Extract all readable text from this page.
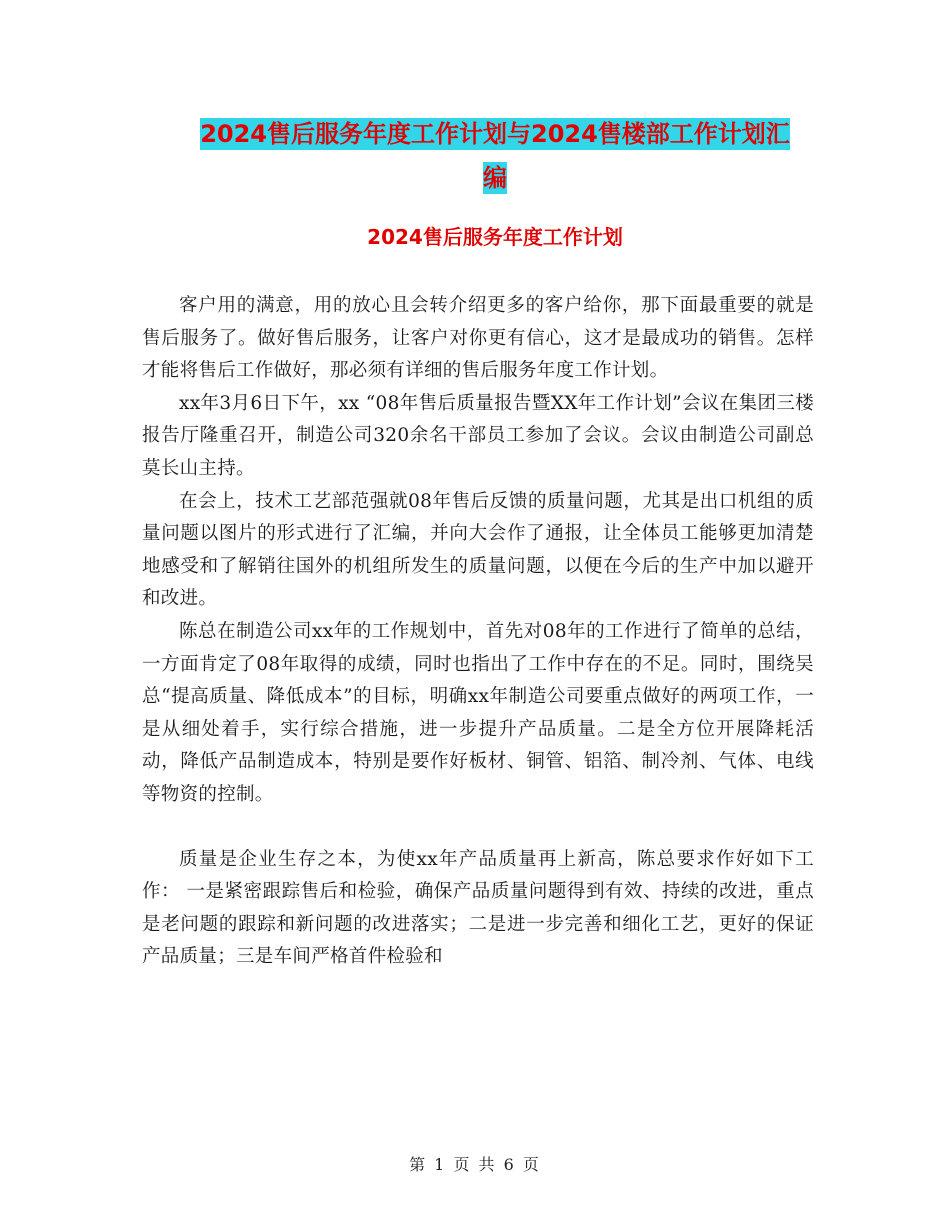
2024售后服务年度工作计划与2024售楼部工作计划汇
编
2024售后服务年度工作计划

客户用的满意，用的放心且会转介绍更多的客户给你，那下面最重要的就是售后服务了。做好售后服务，让客户对你更有信心，这才是最成功的销售。怎样才能将售后工作做好，那必须有详细的售后服务年度工作计划。

xx年3月6日下午，xx “08年售后质量报告暨XX年工作计划”会议在集团三楼报告厅隆重召开，制造公司320余名干部员工参加了会议。会议由制造公司副总莫长山主持。

在会上，技术工艺部范强就08年售后反馈的质量问题，尤其是出口机组的质量问题以图片的形式进行了汇编，并向大会作了通报，让全体员工能够更加清楚地感受和了解销往国外的机组所发生的质量问题，以便在今后的生产中加以避开和改进。

陈总在制造公司xx年的工作规划中，首先对08年的工作进行了简单的总结，一方面肯定了08年取得的成绩，同时也指出了工作中存在的不足。同时，围绕吴总“提高质量、降低成本”的目标，明确xx年制造公司要重点做好的两项工作，一是从细处着手，实行综合措施，进一步提升产品质量。二是全方位开展降耗活动，降低产品制造成本，特别是要作好板材、铜管、铝箔、制冷剂、气体、电线等物资的控制。

质量是企业生存之本，为使xx年产品质量再上新高，陈总要求作好如下工作： 一是紧密跟踪售后和检验，确保产品质量问题得到有效、持续的改进，重点是老问题的跟踪和新问题的改进落实；二是进一步完善和细化工艺，更好的保证产品质量；三是车间严格首件检验和

第 1 页 共 6 页
